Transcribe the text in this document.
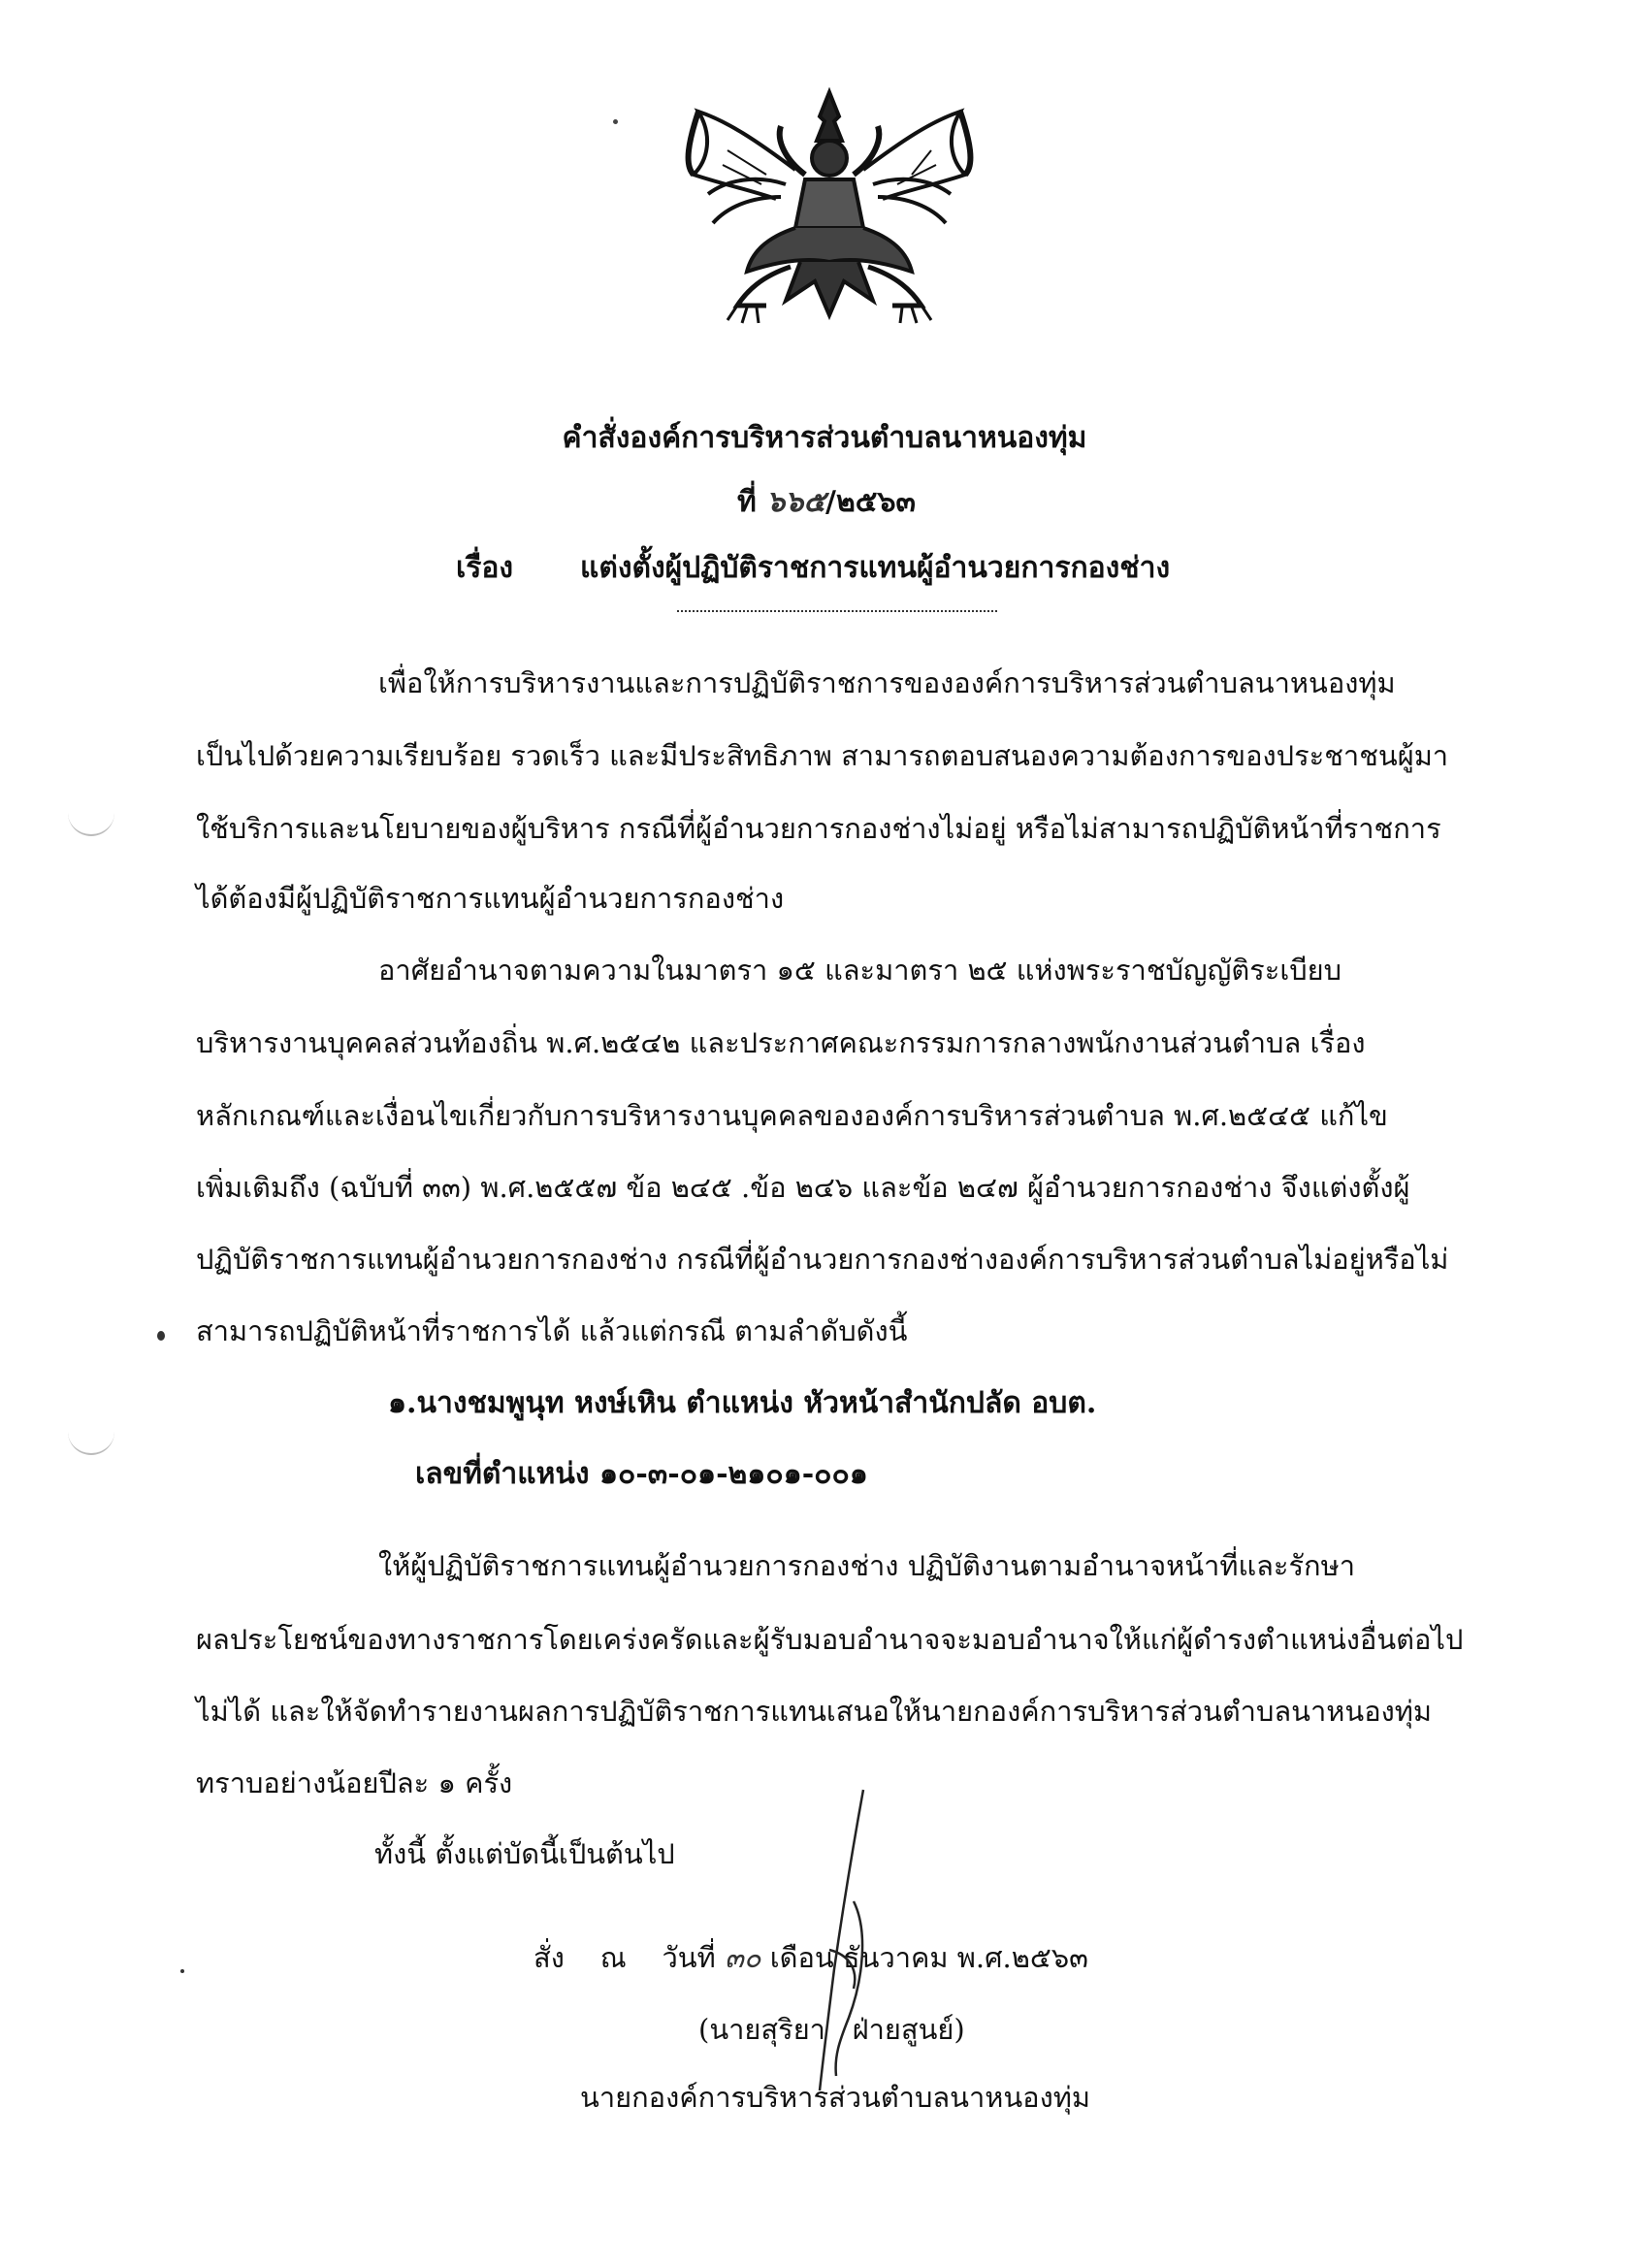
คำสั่งองค์การบริหารส่วนตำบลนาหนองทุ่ม
ที่ ๖๖๕/๒๕๖๓
เรื่อง แต่งตั้งผู้ปฏิบัติราชการแทนผู้อำนวยการกองช่าง
เพื่อให้การบริหารงานและการปฏิบัติราชการขององค์การบริหารส่วนตำบลนาหนองทุ่ม
เป็นไปด้วยความเรียบร้อย รวดเร็ว และมีประสิทธิภาพ สามารถตอบสนองความต้องการของประชาชนผู้มา
ใช้บริการและนโยบายของผู้บริหาร กรณีที่ผู้อำนวยการกองช่างไม่อยู่ หรือไม่สามารถปฏิบัติหน้าที่ราชการ
ได้ต้องมีผู้ปฏิบัติราชการแทนผู้อำนวยการกองช่าง
อาศัยอำนาจตามความในมาตรา ๑๕ และมาตรา ๒๕ แห่งพระราชบัญญัติระเบียบ
บริหารงานบุคคลส่วนท้องถิ่น พ.ศ.๒๕๔๒ และประกาศคณะกรรมการกลางพนักงานส่วนตำบล เรื่อง
หลักเกณฑ์และเงื่อนไขเกี่ยวกับการบริหารงานบุคคลขององค์การบริหารส่วนตำบล พ.ศ.๒๕๔๕ แก้ไข
เพิ่มเติมถึง (ฉบับที่ ๓๓) พ.ศ.๒๕๕๗ ข้อ ๒๔๕ .ข้อ ๒๔๖ และข้อ ๒๔๗ ผู้อำนวยการกองช่าง จึงแต่งตั้งผู้
ปฏิบัติราชการแทนผู้อำนวยการกองช่าง กรณีที่ผู้อำนวยการกองช่างองค์การบริหารส่วนตำบลไม่อยู่หรือไม่
สามารถปฏิบัติหน้าที่ราชการได้ แล้วแต่กรณี ตามลำดับดังนี้
๑.นางชมพูนุท หงษ์เหิน ตำแหน่ง หัวหน้าสำนักปลัด อบต.
เลขที่ตำแหน่ง ๑๐-๓-๐๑-๒๑๐๑-๐๐๑
ให้ผู้ปฏิบัติราชการแทนผู้อำนวยการกองช่าง ปฏิบัติงานตามอำนาจหน้าที่และรักษา
ผลประโยชน์ของทางราชการโดยเคร่งครัดและผู้รับมอบอำนาจจะมอบอำนาจให้แก่ผู้ดำรงตำแหน่งอื่นต่อไป
ไม่ได้ และให้จัดทำรายงานผลการปฏิบัติราชการแทนเสนอให้นายกองค์การบริหารส่วนตำบลนาหนองทุ่ม
ทราบอย่างน้อยปีละ ๑ ครั้ง
ทั้งนี้ ตั้งแต่บัดนี้เป็นต้นไป
สั่ง    ณ    วันที่ ๓๐ เดือน ธันวาคม พ.ศ.๒๕๖๓
(นายสุริยา   ฝ่ายสูนย์)
นายกองค์การบริหารส่วนตำบลนาหนองทุ่ม
